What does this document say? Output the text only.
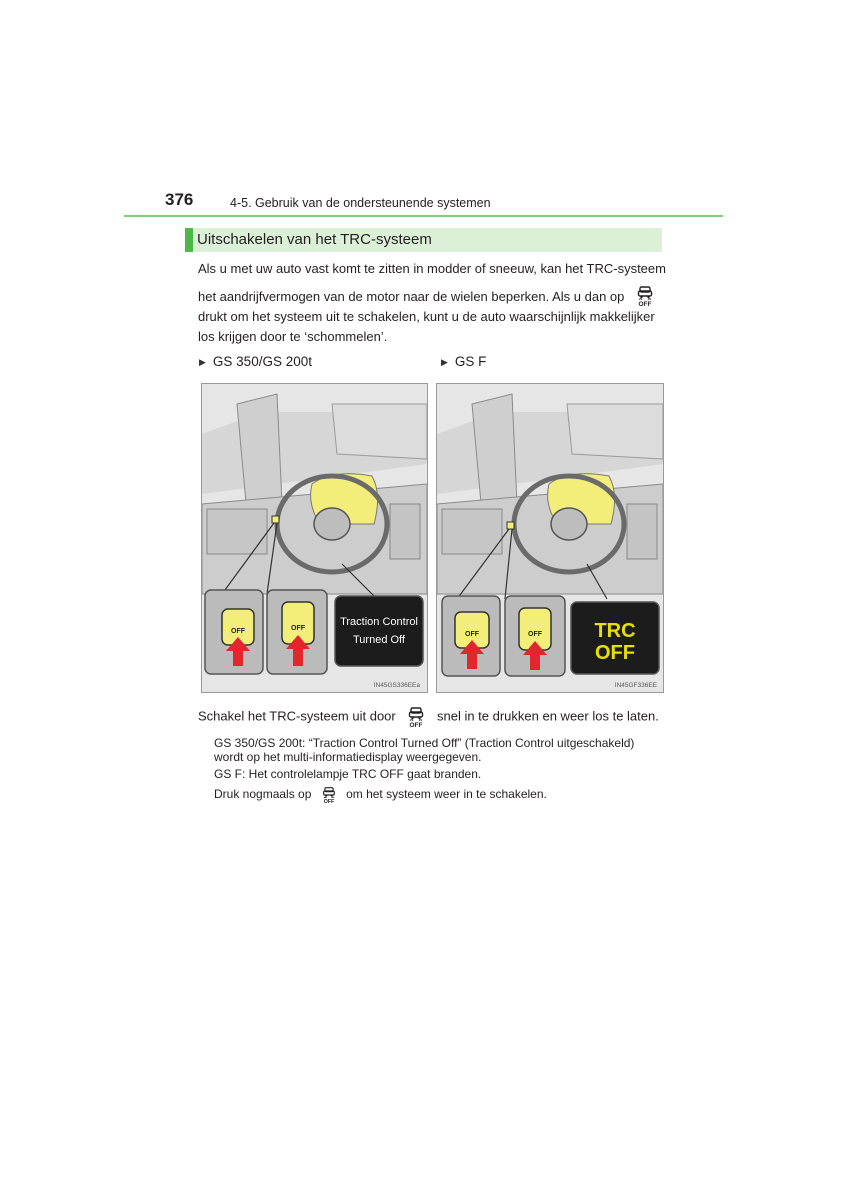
376	4-5. Gebruik van de ondersteunende systemen
Uitschakelen van het TRC-systeem
Als u met uw auto vast komt te zitten in modder of sneeuw, kan het TRC-systeem
het aandrijfvermogen van de motor naar de wielen beperken. Als u dan op
OFF
drukt om het systeem uit te schakelen, kunt u de auto waarschijnlijk makkelijker
los krijgen door te ‘schommelen’.
▶ GS 350/GS 200t	▶ GS F
OFF	OFF
Traction Control
Turned Off
IN45GS336EEa
OFF	OFF	TRC
OFF
IN45GF336EE
Schakel het TRC-systeem uit door
OFF
snel in te drukken en weer los te laten.
GS 350/GS 200t: “Traction Control Turned Off” (Traction Control uitgeschakeld)
wordt op het multi-informatiedisplay weergegeven.
GS F: Het controlelampje TRC OFF gaat branden.
Druk nogmaals op
OFF
om het systeem weer in te schakelen.
